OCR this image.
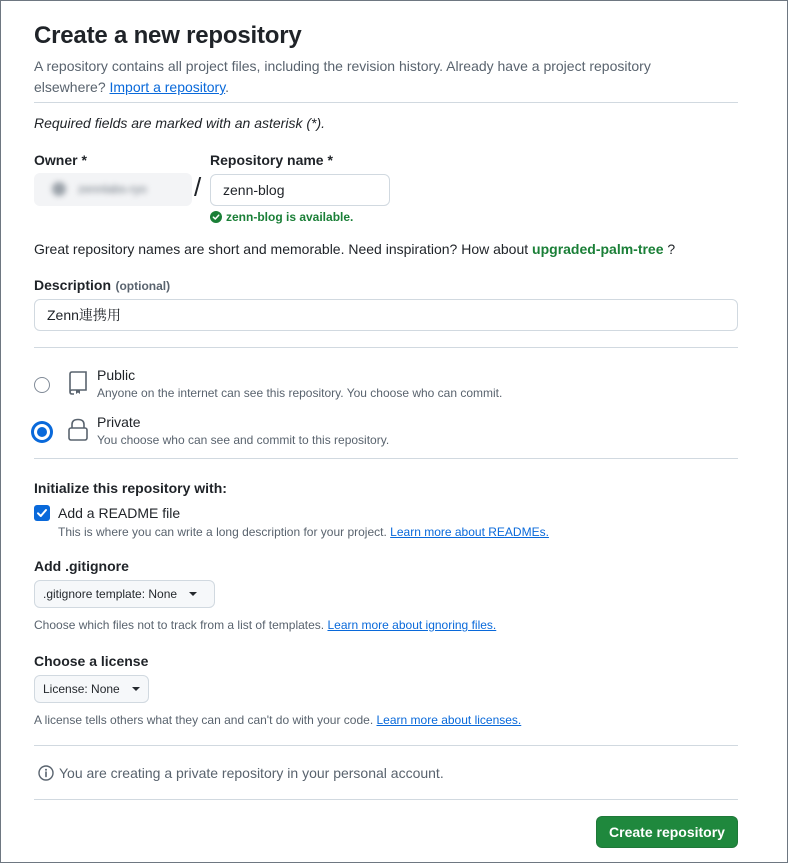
Create a new repository
A repository contains all project files, including the revision history. Already have a project repository
elsewhere? Import a repository.
Required fields are marked with an asterisk (*).
Owner *
zennlabs-ryo /
Repository name *
zenn-blog
zenn-blog is available.
Great repository names are short and memorable. Need inspiration? How about upgraded-palm-tree ?
Description (optional)
Zenn連携用
Public
Anyone on the internet can see this repository. You choose who can commit.
Private
You choose who can see and commit to this repository.
Initialize this repository with:
Add a README file
This is where you can write a long description for your project. Learn more about READMEs.
Add .gitignore
.gitignore template: None
Choose which files not to track from a list of templates. Learn more about ignoring files.
Choose a license
License: None
A license tells others what they can and can't do with your code. Learn more about licenses.
You are creating a private repository in your personal account.
Create repository
